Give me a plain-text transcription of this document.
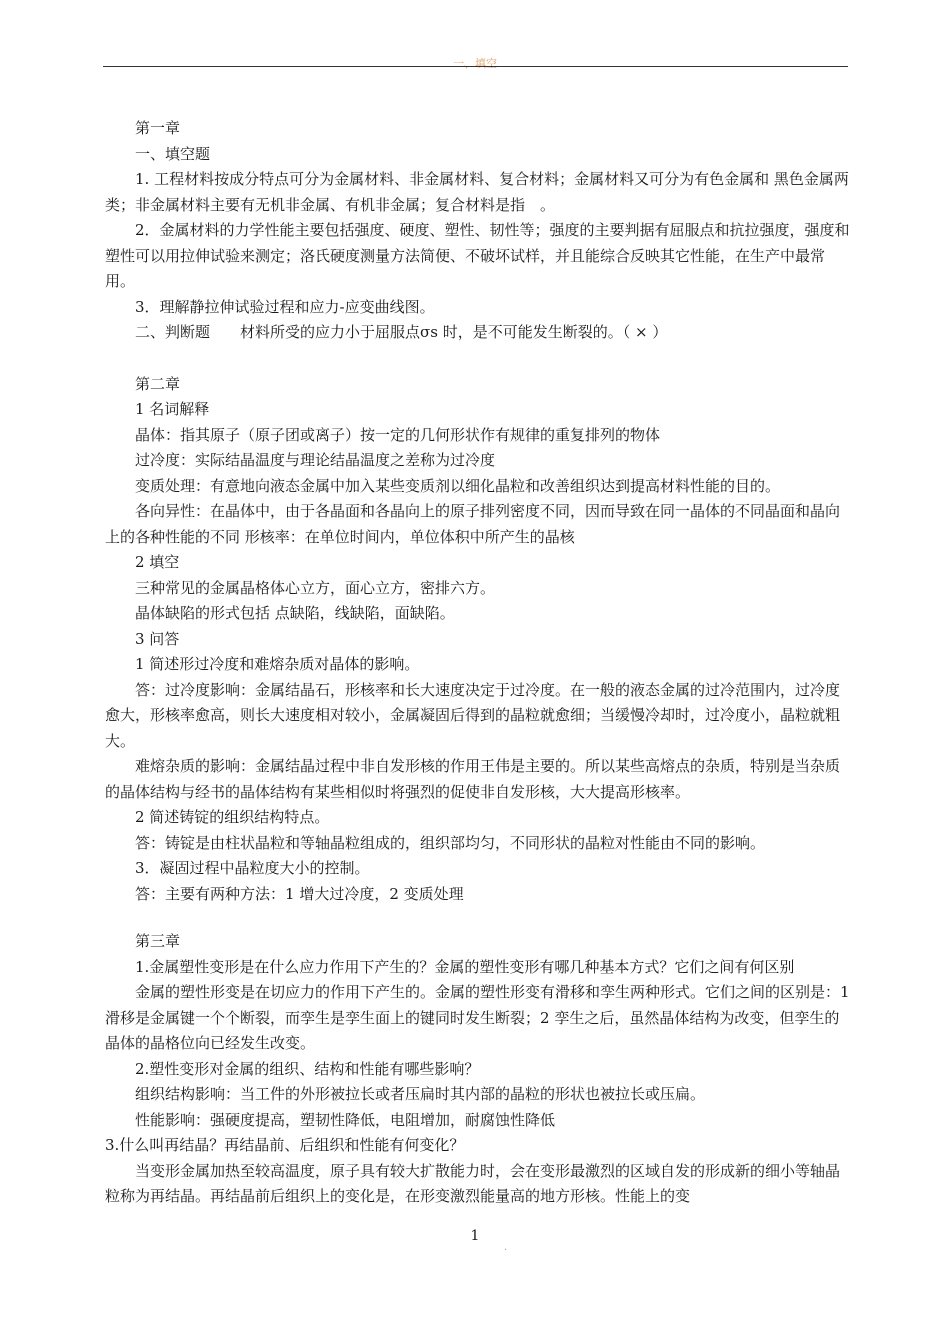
一、填空

第一章

一、填空题

1. 工程材料按成分特点可分为金属材料、非金属材料、复合材料；金属材料又可分为有色金属和 黑色金属两类；非金属材料主要有无机非金属、有机非金属；复合材料是指　。

2．金属材料的力学性能主要包括强度、硬度、塑性、韧性等；强度的主要判据有屈服点和抗拉强度，强度和塑性可以用拉伸试验来测定；洛氏硬度测量方法简便、不破坏试样，并且能综合反映其它性能，在生产中最常用。

3．理解静拉伸试验过程和应力-应变曲线图。

二、判断题　　材料所受的应力小于屈服点σs 时，是不可能发生断裂的。（ × ）

第二章

1 名词解释

晶体：指其原子（原子团或离子）按一定的几何形状作有规律的重复排列的物体

过冷度：实际结晶温度与理论结晶温度之差称为过冷度

变质处理：有意地向液态金属中加入某些变质剂以细化晶粒和改善组织达到提高材料性能的目的。

各向异性：在晶体中，由于各晶面和各晶向上的原子排列密度不同，因而导致在同一晶体的不同晶面和晶向上的各种性能的不同 形核率：在单位时间内，单位体积中所产生的晶核

2 填空

三种常见的金属晶格体心立方，面心立方，密排六方。

晶体缺陷的形式包括 点缺陷，线缺陷，面缺陷。

3 问答

1 简述形过冷度和难熔杂质对晶体的影响。

答：过冷度影响：金属结晶石，形核率和长大速度决定于过冷度。在一般的液态金属的过冷范围内，过冷度愈大，形核率愈高，则长大速度相对较小，金属凝固后得到的晶粒就愈细；当缓慢冷却时，过冷度小，晶粒就粗大。

难熔杂质的影响：金属结晶过程中非自发形核的作用王伟是主要的。所以某些高熔点的杂质，特别是当杂质的晶体结构与经书的晶体结构有某些相似时将强烈的促使非自发形核，大大提高形核率。

2 简述铸锭的组织结构特点。

答：铸锭是由柱状晶粒和等轴晶粒组成的，组织部均匀，不同形状的晶粒对性能由不同的影响。

3．凝固过程中晶粒度大小的控制。

答：主要有两种方法：1 增大过冷度，2 变质处理

第三章

1.金属塑性变形是在什么应力作用下产生的？金属的塑性变形有哪几种基本方式？它们之间有何区别

金属的塑性形变是在切应力的作用下产生的。金属的塑性形变有滑移和孪生两种形式。它们之间的区别是：1 滑移是金属键一个个断裂，而孪生是孪生面上的键同时发生断裂；2 孪生之后，虽然晶体结构为改变，但孪生的晶体的晶格位向已经发生改变。

2.塑性变形对金属的组织、结构和性能有哪些影响？

组织结构影响：当工件的外形被拉长或者压扁时其内部的晶粒的形状也被拉长或压扁。

性能影响：强硬度提高，塑韧性降低，电阻增加，耐腐蚀性降低

3.什么叫再结晶？再结晶前、后组织和性能有何变化？

当变形金属加热至较高温度，原子具有较大扩散能力时，会在变形最激烈的区域自发的形成新的细小等轴晶粒称为再结晶。再结晶前后组织上的变化是，在形变激烈能量高的地方形核。性能上的变

1
.
